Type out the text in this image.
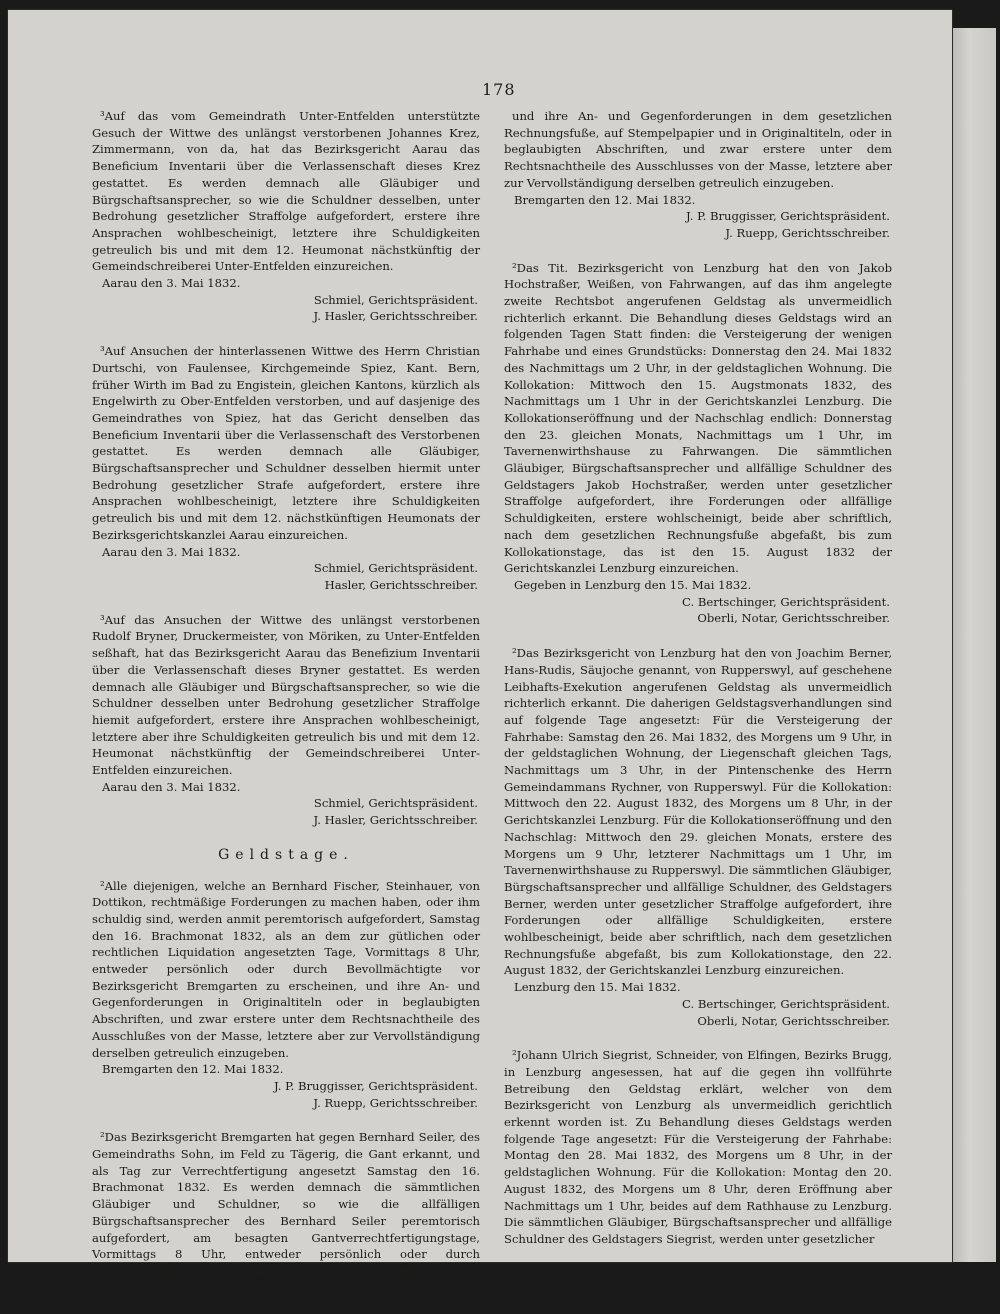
178

³Auf das vom Gemeindrath Unter-Entfelden unterstützte Gesuch der Wittwe des unlängst verstorbenen Johannes Krez, Zimmermann, von da, hat das Bezirksgericht Aarau das Beneficium Inventarii über die Verlassenschaft dieses Krez gestattet. Es werden demnach alle Gläubiger und Bürgschaftsansprecher, so wie die Schuldner desselben, unter Bedrohung gesetzlicher Straffolge aufgefordert, erstere ihre Ansprachen wohlbescheinigt, letztere ihre Schuldigkeiten getreulich bis und mit dem 12. Heumonat nächstkünftig der Gemeindschreiberei Unter-Entfelden einzureichen.

Aarau den 3. Mai 1832.
Schmiel, Gerichtspräsident.
J. Hasler, Gerichtsschreiber.

³Auf Ansuchen der hinterlassenen Wittwe des Herrn Christian Durtschi, von Faulensee, Kirchgemeinde Spiez, Kant. Bern, früher Wirth im Bad zu Engistein, gleichen Kantons, kürzlich als Engelwirth zu Ober-Entfelden verstorben, und auf dasjenige des Gemeindrathes von Spiez, hat das Gericht denselben das Beneficium Inventarii über die Verlassenschaft des Verstorbenen gestattet. Es werden demnach alle Gläubiger, Bürgschaftsansprecher und Schuldner desselben hiermit unter Bedrohung gesetzlicher Strafe aufgefordert, erstere ihre Ansprachen wohlbescheinigt, letztere ihre Schuldigkeiten getreulich bis und mit dem 12. nächstkünftigen Heumonats der Bezirksgerichtskanzlei Aarau einzureichen.

Aarau den 3. Mai 1832.
Schmiel, Gerichtspräsident.
Hasler, Gerichtsschreiber.

³Auf das Ansuchen der Wittwe des unlängst verstorbenen Rudolf Bryner, Druckermeister, von Möriken, zu Unter-Entfelden seßhaft, hat das Bezirksgericht Aarau das Benefizium Inventarii über die Verlassenschaft dieses Bryner gestattet. Es werden demnach alle Gläubiger und Bürgschaftsansprecher, so wie die Schuldner desselben unter Bedrohung gesetzlicher Straffolge hiemit aufgefordert, erstere ihre Ansprachen wohlbescheinigt, letztere aber ihre Schuldigkeiten getreulich bis und mit dem 12. Heumonat nächstkünftig der Gemeindschreiberei Unter-Entfelden einzureichen.

Aarau den 3. Mai 1832.
Schmiel, Gerichtspräsident.
J. Hasler, Gerichtsschreiber.
Geldstage.

²Alle diejenigen, welche an Bernhard Fischer, Steinhauer, von Dottikon, rechtmäßige Forderungen zu machen haben, oder ihm schuldig sind, werden anmit peremtorisch aufgefordert, Samstag den 16. Brachmonat 1832, als an dem zur gütlichen oder rechtlichen Liquidation angesetzten Tage, Vormittags 8 Uhr, entweder persönlich oder durch Bevollmächtigte vor Bezirksgericht Bremgarten zu erscheinen, und ihre An- und Gegenforderungen in Originaltiteln oder in beglaubigten Abschriften, und zwar erstere unter dem Rechtsnachtheile des Ausschlußes von der Masse, letztere aber zur Vervollständigung derselben getreulich einzugeben.

Bremgarten den 12. Mai 1832.
J. P. Bruggisser, Gerichtspräsident.
J. Ruepp, Gerichtsschreiber.

²Das Bezirksgericht Bremgarten hat gegen Bernhard Seiler, des Gemeindraths Sohn, im Feld zu Tägerig, die Gant erkannt, und als Tag zur Verrechtfertigung angesetzt Samstag den 16. Brachmonat 1832. Es werden demnach die sämmtlichen Gläubiger und Schuldner, so wie die allfälligen Bürgschaftsansprecher des Bernhard Seiler peremtorisch aufgefordert, am besagten Gantverrechtfertigungstage, Vormittags 8 Uhr, entweder persönlich oder durch Bevollmächtigte, vor dem Bezirksgericht Bremgarten zu erscheinen,

und ihre An- und Gegenforderungen in dem gesetzlichen Rechnungsfuße, auf Stempelpapier und in Originaltiteln, oder in beglaubigten Abschriften, und zwar erstere unter dem Rechtsnachtheile des Ausschlusses von der Masse, letztere aber zur Vervollständigung derselben getreulich einzugeben.

Bremgarten den 12. Mai 1832.
J. P. Bruggisser, Gerichtspräsident.
J. Ruepp, Gerichtsschreiber.

²Das Tit. Bezirksgericht von Lenzburg hat den von Jakob Hochstraßer, Weißen, von Fahrwangen, auf das ihm angelegte zweite Rechtsbot angerufenen Geldstag als unvermeidlich richterlich erkannt. Die Behandlung dieses Geldstags wird an folgenden Tagen Statt finden: die Versteigerung der wenigen Fahrhabe und eines Grundstücks: Donnerstag den 24. Mai 1832 des Nachmittags um 2 Uhr, in der geldstaglichen Wohnung. Die Kollokation: Mittwoch den 15. Augstmonats 1832, des Nachmittags um 1 Uhr in der Gerichtskanzlei Lenzburg. Die Kollokationseröffnung und der Nachschlag endlich: Donnerstag den 23. gleichen Monats, Nachmittags um 1 Uhr, im Tavernenwirthshause zu Fahrwangen. Die sämmtlichen Gläubiger, Bürgschaftsansprecher und allfällige Schuldner des Geldstagers Jakob Hochstraßer, werden unter gesetzlicher Straffolge aufgefordert, ihre Forderungen oder allfällige Schuldigkeiten, erstere wohlscheinigt, beide aber schriftlich, nach dem gesetzlichen Rechnungsfuße abgefaßt, bis zum Kollokationstage, das ist den 15. August 1832 der Gerichtskanzlei Lenzburg einzureichen.

Gegeben in Lenzburg den 15. Mai 1832.
C. Bertschinger, Gerichtspräsident.
Oberli, Notar, Gerichtsschreiber.

²Das Bezirksgericht von Lenzburg hat den von Joachim Berner, Hans-Rudis, Säujoche genannt, von Rupperswyl, auf geschehene Leibhafts-Exekution angerufenen Geldstag als unvermeidlich richterlich erkannt. Die daherigen Geldstagsverhandlungen sind auf folgende Tage angesetzt: Für die Versteigerung der Fahrhabe: Samstag den 26. Mai 1832, des Morgens um 9 Uhr, in der geldstaglichen Wohnung, der Liegenschaft gleichen Tags, Nachmittags um 3 Uhr, in der Pintenschenke des Herrn Gemeindammans Rychner, von Rupperswyl. Für die Kollokation: Mittwoch den 22. August 1832, des Morgens um 8 Uhr, in der Gerichtskanzlei Lenzburg. Für die Kollokationseröffnung und den Nachschlag: Mittwoch den 29. gleichen Monats, erstere des Morgens um 9 Uhr, letzterer Nachmittags um 1 Uhr, im Tavernenwirthshause zu Rupperswyl. Die sämmtlichen Gläubiger, Bürgschaftsansprecher und allfällige Schuldner, des Geldstagers Berner, werden unter gesetzlicher Straffolge aufgefordert, ihre Forderungen oder allfällige Schuldigkeiten, erstere wohlbescheinigt, beide aber schriftlich, nach dem gesetzlichen Rechnungsfuße abgefaßt, bis zum Kollokationstage, den 22. August 1832, der Gerichtskanzlei Lenzburg einzureichen.

Lenzburg den 15. Mai 1832.
C. Bertschinger, Gerichtspräsident.
Oberli, Notar, Gerichtsschreiber.

²Johann Ulrich Siegrist, Schneider, von Elfingen, Bezirks Brugg, in Lenzburg angesessen, hat auf die gegen ihn vollführte Betreibung den Geldstag erklärt, welcher von dem Bezirksgericht von Lenzburg als unvermeidlich gerichtlich erkennt worden ist. Zu Behandlung dieses Geldstags werden folgende Tage angesetzt: Für die Versteigerung der Fahrhabe: Montag den 28. Mai 1832, des Morgens um 8 Uhr, in der geldstaglichen Wohnung. Für die Kollokation: Montag den 20. August 1832, des Morgens um 8 Uhr, deren Eröffnung aber Nachmittags um 1 Uhr, beides auf dem Rathhause zu Lenzburg. Die sämmtlichen Gläubiger, Bürgschaftsansprecher und allfällige Schuldner des Geldstagers Siegrist, werden unter gesetzlicher
